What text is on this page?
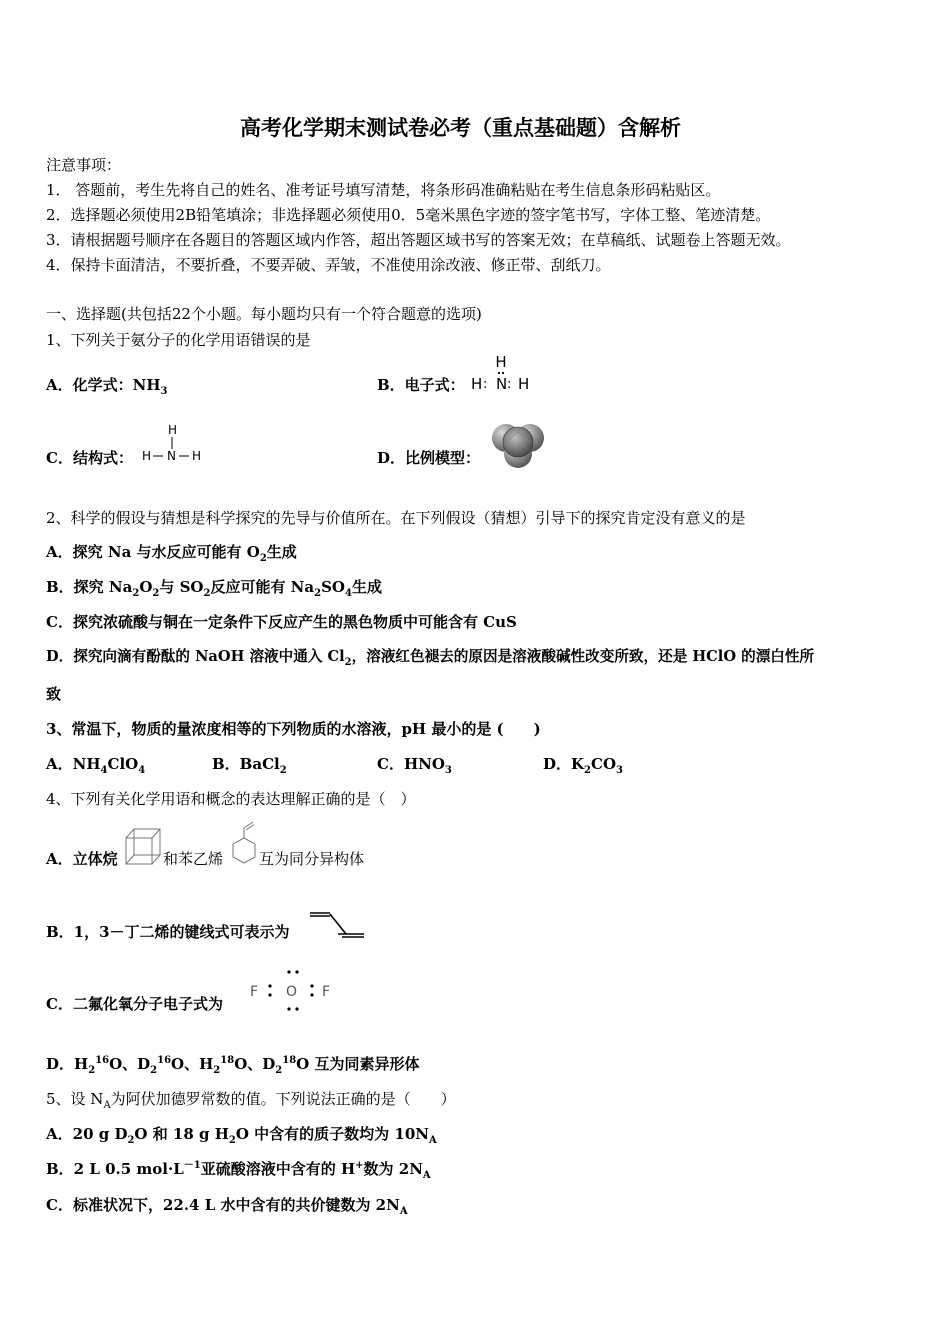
高考化学期末测试卷必考（重点基础题）含解析
注意事项：
1． 答题前，考生先将自己的姓名、准考证号填写清楚，将条形码准确粘贴在考生信息条形码粘贴区。
2．选择题必须使用2B铅笔填涂；非选择题必须使用0．5毫米黑色字迹的签字笔书写，字体工整、笔迹清楚。
3．请根据题号顺序在各题目的答题区域内作答，超出答题区域书写的答案无效；在草稿纸、试题卷上答题无效。
4．保持卡面清洁，不要折叠，不要弄破、弄皱，不准使用涂改液、修正带、刮纸刀。
一、选择题(共包括22个小题。每小题均只有一个符合题意的选项)
1、下列关于氨分子的化学用语错误的是
A．化学式：$NH_3$	B．电子式：
H
H : N : H
C．结构式：
H
H N H	D．比例模型：
2、科学的假设与猜想是科学探究的先导与价值所在。在下列假设（猜想）引导下的探究肯定没有意义的是
A．探究 Na 与水反应可能有 $O_2$生成
B．探究 $Na_2O_2$与 $SO_2$反应可能有 $Na_2SO_4$生成
C．探究浓硫酸与铜在一定条件下反应产生的黑色物质中可能含有 CuS
D．探究向滴有酚酞的 NaOH 溶液中通入 $Cl_2$，溶液红色褪去的原因是溶液酸碱性改变所致，还是 HClO 的漂白性所
致
3、常温下，物质的量浓度相等的下列物质的水溶液，pH 最小的是 (　　)
A．$NH_4ClO_4$	B．BaCl$_2$	C．$HNO_3$	D．$K_2CO_3$
4、下列有关化学用语和概念的表达理解正确的是（　）
A．立体烷	和苯乙烯 互为同分异构体
B．1，3－丁二烯的键线式可表示为
C．二氟化氧分子电子式为
F O F
D．$H_2^{16}O$、$D_2^{16}O$、$H_2^{18}O$、$D_2^{18}O$ 互为同素异形体
5、设 $N_A$为阿伏加德罗常数的值。下列说法正确的是（　　）
A．20 g $D_2O$ 和 18 g $H_2O$ 中含有的质子数均为 $10N_A$
B．2 L 0.5 $mol\cdot L^{-1}$亚硫酸溶液中含有的 H+数为 $2N_A$
C．标准状况下，22.4 L 水中含有的共价键数为 $2N_A$
